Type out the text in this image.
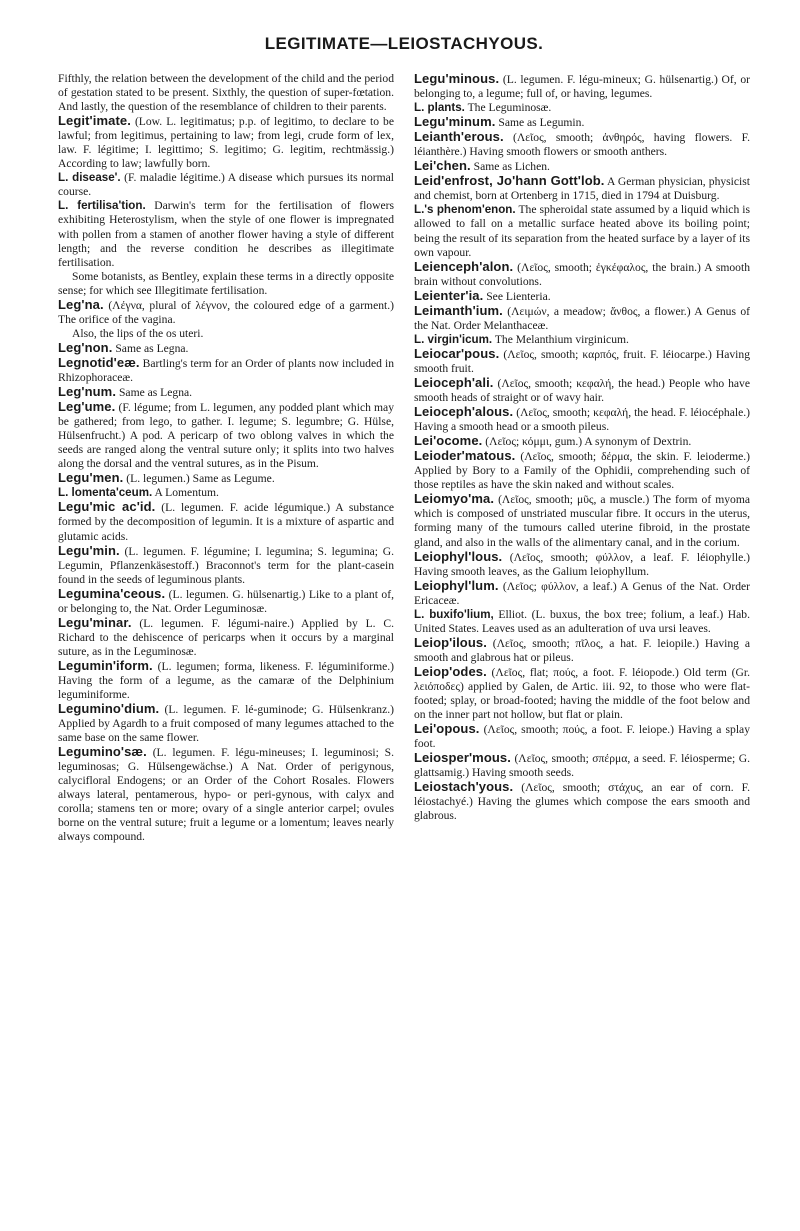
LEGITIMATE—LEIOSTACHYOUS.

Fifthly, the relation between the development of the child and the period of gestation stated to be present. Sixthly, the question of super-fœtation. And lastly, the question of the resemblance of children to their parents.

Legit'imate. (Low. L. legitimatus; p.p. of legitimo, to declare to be lawful; from legitimus, pertaining to law; from legi, crude form of lex, law. F. légitime; I. legittimo; S. legitimo; G. legitim, rechtmässig.) According to law; lawfully born.

L. disease'. (F. maladie légitime.) A disease which pursues its normal course.

L. fertilisa'tion. Darwin's term for the fertilisation of flowers exhibiting Heterostylism, when the style of one flower is impregnated with pollen from a stamen of another flower having a style of different length; and the reverse condition he describes as illegitimate fertilisation.

Some botanists, as Bentley, explain these terms in a directly opposite sense; for which see Illegitimate fertilisation.

Leg'na. (Λέγνα, plural of λέγνον, the coloured edge of a garment.) The orifice of the vagina.

Also, the lips of the os uteri.

Leg'non. Same as Legna.

Legnotid'eæ. Bartling's term for an Order of plants now included in Rhizophoraceæ.

Leg'num. Same as Legna.

Leg'ume. (F. légume; from L. legumen, any podded plant which may be gathered; from lego, to gather. I. legume; S. legumbre; G. Hülse, Hülsenfrucht.) A pod. A pericarp of two oblong valves in which the seeds are ranged along the ventral suture only; it splits into two halves along the dorsal and the ventral sutures, as in the Pisum.

Legu'men. (L. legumen.) Same as Legume.

L. lomenta'ceum. A Lomentum.

Legu'mic ac'id. (L. legumen. F. acide légumique.) A substance formed by the decomposition of legumin. It is a mixture of aspartic and glutamic acids.

Legu'min. (L. legumen. F. légumine; I. legumina; S. legumina; G. Legumin, Pflanzenkäsestoff.) Braconnot's term for the plant-casein found in the seeds of leguminous plants.

Legumina'ceous. (L. legumen. G. hülsenartig.) Like to a plant of, or belonging to, the Nat. Order Leguminosæ.

Legu'minar. (L. legumen. F. légumi-naire.) Applied by L. C. Richard to the dehiscence of pericarps when it occurs by a marginal suture, as in the Leguminosæ.

Legumin'iform. (L. legumen; forma, likeness. F. léguminiforme.) Having the form of a legume, as the camaræ of the Delphinium leguminiforme.

Legumino'dium. (L. legumen. F. lé-guminode; G. Hülsenkranz.) Applied by Agardh to a fruit composed of many legumes attached to the same base on the same flower.

Legumino'sæ. (L. legumen. F. légu-mineuses; I. leguminosi; S. leguminosas; G. Hülsengewächse.) A Nat. Order of perigynous, calycifloral Endogens; or an Order of the Cohort Rosales. Flowers always lateral, pentamerous, hypo- or peri-gynous, with calyx and corolla; stamens ten or more; ovary of a single anterior carpel; ovules borne on the ventral suture; fruit a legume or a lomentum; leaves nearly always compound.

Legu'minous. (L. legumen. F. légu-mineux; G. hülsenartig.) Of, or belonging to, a legume; full of, or having, legumes.

L. plants. The Leguminosæ.

Legu'minum. Same as Legumin.

Leianth'erous. (Λεῖος, smooth; ἀνθηρός, having flowers. F. léianthère.) Having smooth flowers or smooth anthers.

Lei'chen. Same as Lichen.

Leid'enfrost, Jo'hann Gott'lob. A German physician, physicist and chemist, born at Ortenberg in 1715, died in 1794 at Duisburg.

L.'s phenom'enon. The spheroidal state assumed by a liquid which is allowed to fall on a metallic surface heated above its boiling point; being the result of its separation from the heated surface by a layer of its own vapour.

Leienceph'alon. (Λεῖος, smooth; ἐγκέφαλος, the brain.) A smooth brain without convolutions.

Leienter'ia. See Lienteria.

Leimanth'ium. (Λειμών, a meadow; ἄνθος, a flower.) A Genus of the Nat. Order Melanthaceæ.

L. virgin'icum. The Melanthium virginicum.

Leiocar'pous. (Λεῖος, smooth; καρπός, fruit. F. léiocarpe.) Having smooth fruit.

Leioceph'ali. (Λεῖος, smooth; κεφαλή, the head.) People who have smooth heads of straight or of wavy hair.

Leioceph'alous. (Λεῖος, smooth; κεφαλή, the head. F. léiocéphale.) Having a smooth head or a smooth pileus.

Lei'ocome. (Λεῖος; κόμμι, gum.) A synonym of Dextrin.

Leioder'matous. (Λεῖος, smooth; δέρμα, the skin. F. leioderme.) Applied by Bory to a Family of the Ophidii, comprehending such of those reptiles as have the skin naked and without scales.

Leiomyo'ma. (Λεῖος, smooth; μῦς, a muscle.) The form of myoma which is composed of unstriated muscular fibre. It occurs in the uterus, forming many of the tumours called uterine fibroid, in the prostate gland, and also in the walls of the alimentary canal, and in the corium.

Leiophyl'lous. (Λεῖος, smooth; φύλλον, a leaf. F. léiophylle.) Having smooth leaves, as the Galium leiophyllum.

Leiophyl'lum. (Λεῖος; φύλλον, a leaf.) A Genus of the Nat. Order Ericaceæ.

L. buxifo'lium, Elliot. (L. buxus, the box tree; folium, a leaf.) Hab. United States. Leaves used as an adulteration of uva ursi leaves.

Leiop'ilous. (Λεῖος, smooth; πῖλος, a hat. F. leiopile.) Having a smooth and glabrous hat or pileus.

Leiop'odes. (Λεῖος, flat; πούς, a foot. F. léiopode.) Old term (Gr. λειόποδες) applied by Galen, de Artic. iii. 92, to those who were flat-footed; splay, or broad-footed; having the middle of the foot below and on the inner part not hollow, but flat or plain.

Lei'opous. (Λεῖος, smooth; πούς, a foot. F. leiope.) Having a splay foot.

Leiosper'mous. (Λεῖος, smooth; σπέρμα, a seed. F. léiosperme; G. glattsamig.) Having smooth seeds.

Leiostach'yous. (Λεῖος, smooth; στάχυς, an ear of corn. F. léiostachyé.) Having the glumes which compose the ears smooth and glabrous.
